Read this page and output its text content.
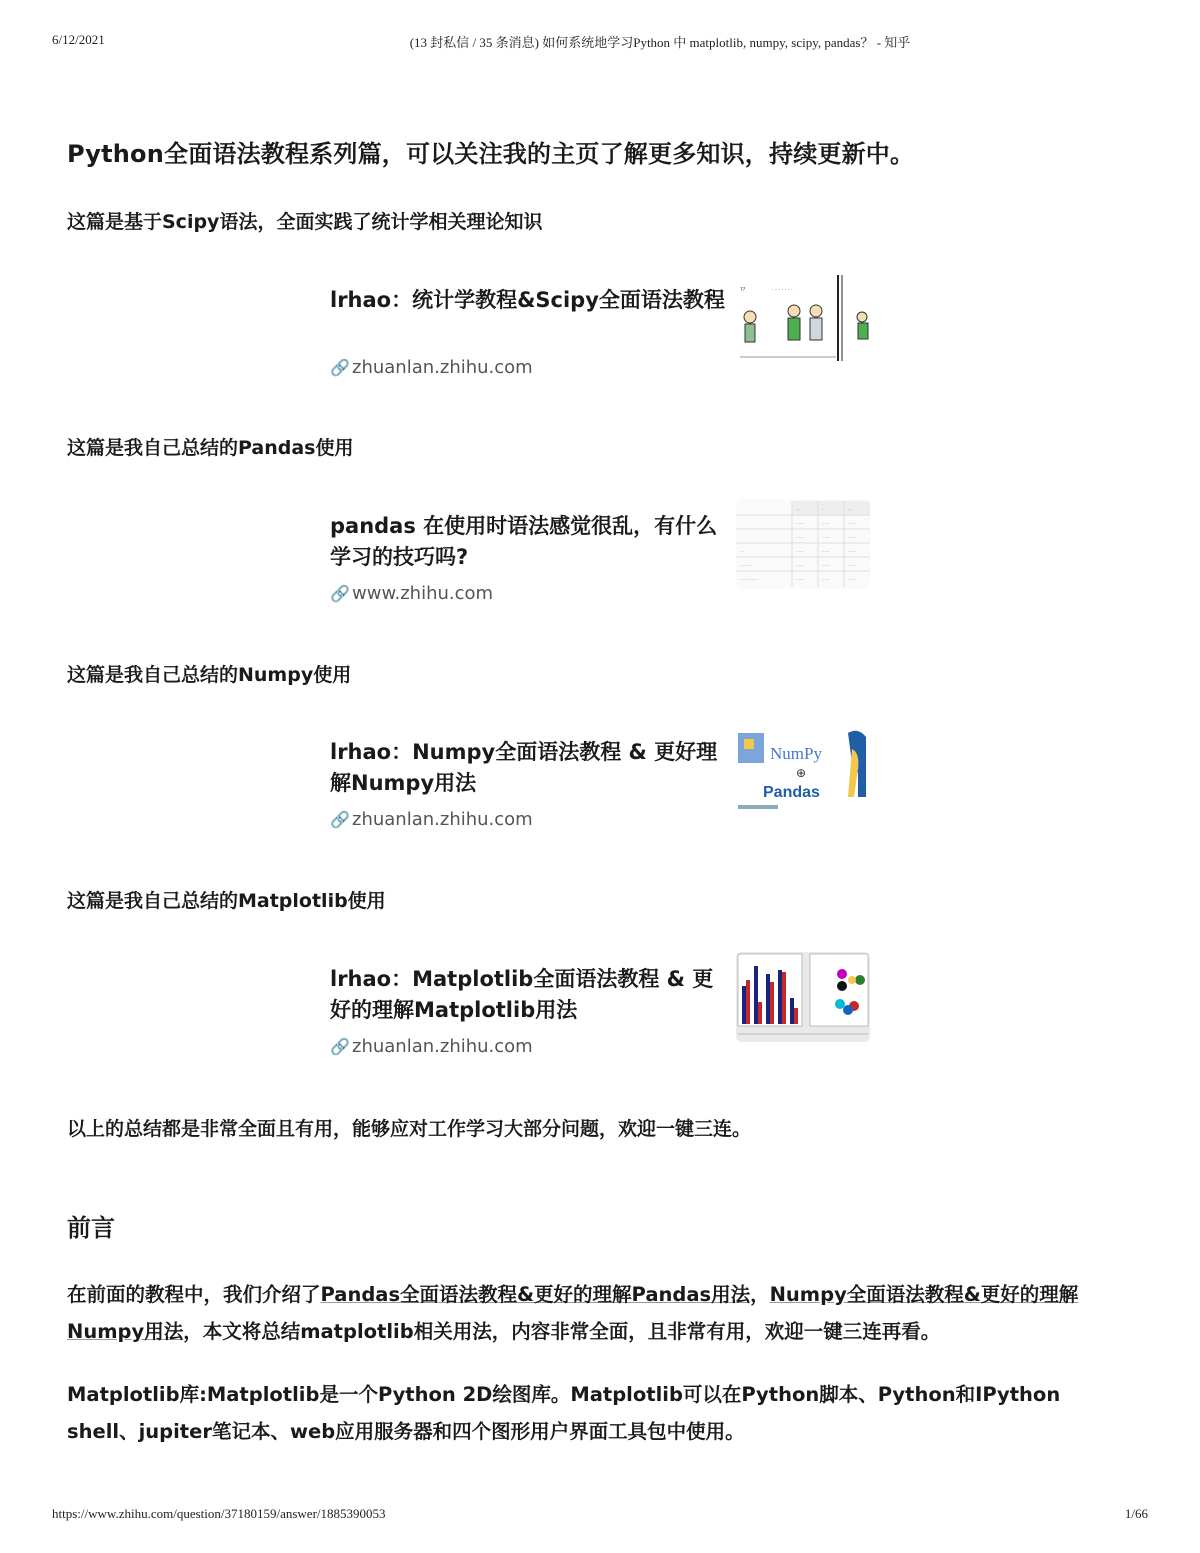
6/12/2021	(13 封私信 / 35 条消息) 如何系统地学习Python 中 matplotlib, numpy, scipy, pandas？ - 知乎
Python全面语法教程系列篇，可以关注我的主页了解更多知识，持续更新中。

这篇是基于Scipy语法，全面实践了统计学相关理论知识

lrhao：统计学教程&Scipy全面语法教程
🔗 zhuanlan.zhihu.com
· · · · · · ·
??

这篇是我自己总结的Pandas使用

pandas 在使用时语法感觉很乱，有什么学习的技巧吗?
🔗 www.zhihu.com
····	···	···
······	······	······
······	······	······
···	······	······	······
··········	······	······	······
··············	······	······	······

这篇是我自己总结的Numpy使用

lrhao：Numpy全面语法教程 & 更好理解Numpy用法
🔗 zhuanlan.zhihu.com
NumPy
⊕
Pandas

这篇是我自己总结的Matplotlib使用

lrhao：Matplotlib全面语法教程 & 更好的理解Matplotlib用法
🔗 zhuanlan.zhihu.com

以上的总结都是非常全面且有用，能够应对工作学习大部分问题，欢迎一键三连。

前言

在前面的教程中，我们介绍了Pandas全面语法教程&更好的理解Pandas用法，Numpy全面语法教程&更好的理解Numpy用法，本文将总结matplotlib相关用法，内容非常全面，且非常有用，欢迎一键三连再看。

Matplotlib库:Matplotlib是一个Python 2D绘图库。Matplotlib可以在Python脚本、Python和IPython shell、jupiter笔记本、web应用服务器和四个图形用户界面工具包中使用。

https://www.zhihu.com/question/37180159/answer/1885390053	1/66
